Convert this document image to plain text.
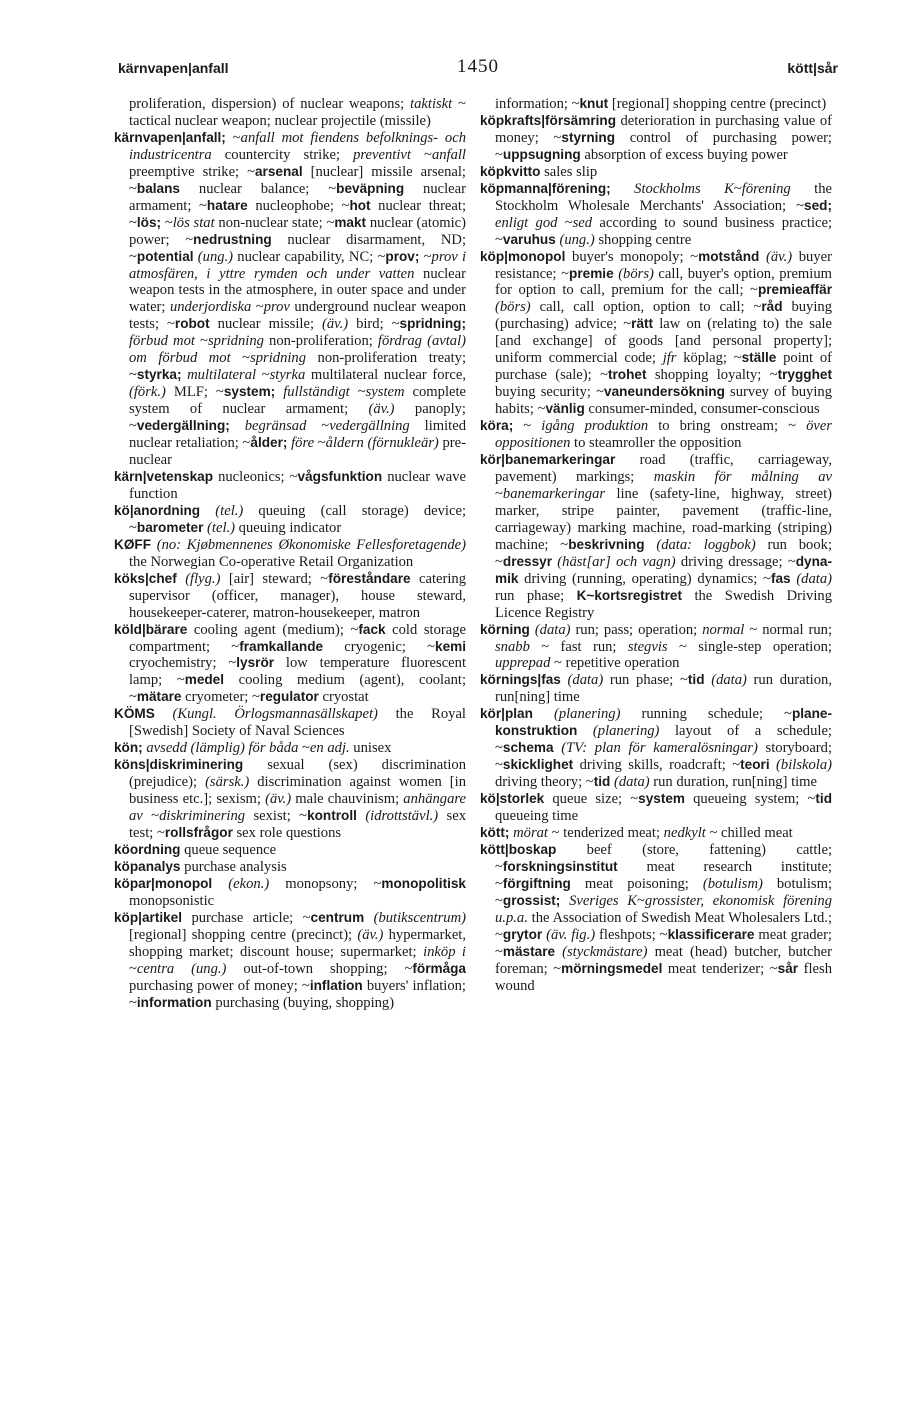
kärnvapen|anfall	1450	kött|sår

proliferation, dispersion) of nuclear weapons; taktiskt ~ tactical nuclear weapon; nuclear projectile (missile)

kärnvapen|anfall; ~anfall mot fiendens befolknings- och industricentra countercity strike; preventivt ~anfall preemptive strike; ~arsenal [nuclear] missile arsenal; ~balans nuclear balance; ~beväpning nuclear armament; ~hatare nucleophobe; ~hot nuclear threat; ~lös; ~lös stat non-nuclear state; ~makt nuclear (atomic) power; ~nedrustning nuclear disarmament, ND; ~potential (ung.) nuclear capability, NC; ~prov; ~prov i atmosfären, i yttre rymden och under vatten nuclear weapon tests in the atmosphere, in outer space and under water; underjordiska ~prov underground nuclear weapon tests; ~robot nuclear missile; (äv.) bird; ~spridning; förbud mot ~spridning non-proliferation; fördrag (avtal) om förbud mot ~spridning non-proliferation treaty; ~styrka; multilateral ~styrka multilateral nuclear force, (förk.) MLF; ~system; fullständigt ~system complete system of nuclear armament; (äv.) panoply; ~vedergällning; begränsad ~vedergällning limited nuclear retaliation; ~ålder; före ~åldern (förnukleär) prenuclear

kärn|vetenskap nucleonics; ~vågsfunktion nuclear wave function

kö|anordning (tel.) queuing (call storage) device; ~barometer (tel.) queuing indicator

KØFF (no: Kjøbmennenes Økonomiske Fellesforetagende) the Norwegian Co-operative Retail Organization

köks|chef (flyg.) [air] steward; ~föreståndare catering supervisor (officer, manager), house steward, housekeeper-caterer, matron-housekeeper, matron

köld|bärare cooling agent (medium); ~fack cold storage compartment; ~framkallande cryogenic; ~kemi cryochemistry; ~lysrör low temperature fluorescent lamp; ~medel cooling medium (agent), coolant; ~mätare cryometer; ~regulator cryostat

KÖMS (Kungl. Örlogsmannasällskapet) the Royal [Swedish] Society of Naval Sciences

kön; avsedd (lämplig) för båda ~en adj. unisex

köns|diskriminering sexual (sex) discrimination (prejudice); (särsk.) discrimination against women [in business etc.]; sexism; (äv.) male chauvinism; anhängare av ~diskriminering sexist; ~kontroll (idrottstävl.) sex test; ~rollsfrågor sex role questions

köordning queue sequence

köpanalys purchase analysis

köpar|monopol (ekon.) monopsony; ~monopolitisk monopsonistic

köp|artikel purchase article; ~centrum (butikscentrum) [regional] shopping centre (precinct); (äv.) hypermarket, shopping market; discount house; supermarket; inköp i ~centra (ung.) out-of-town shopping; ~förmåga purchasing power of money; ~inflation buyers' inflation; ~information purchasing (buying, shopping)

information; ~knut [regional] shopping centre (precinct)

köpkrafts|försämring deterioration in purchasing value of money; ~styrning control of purchasing power; ~uppsugning absorption of excess buying power

köpkvitto sales slip

köpmanna|förening; Stockholms K~förening the Stockholm Wholesale Merchants' Association; ~sed; enligt god ~sed according to sound business practice; ~varuhus (ung.) shopping centre

köp|monopol buyer's monopoly; ~motstånd (äv.) buyer resistance; ~premie (börs) call, buyer's option, premium for option to call, premium for the call; ~premieaffär (börs) call, call option, option to call; ~råd buying (purchasing) advice; ~rätt law on (relating to) the sale [and exchange] of goods [and personal property]; uniform commercial code; jfr köplag; ~ställe point of purchase (sale); ~trohet shopping loyalty; ~trygghet buying security; ~vaneundersökning survey of buying habits; ~vänlig consumer-minded, consumer-conscious

köra; ~ igång produktion to bring onstream; ~ över oppositionen to steamroller the opposition

kör|banemarkeringar road (traffic, carriageway, pavement) markings; maskin för målning av ~banemarkeringar line (safety-line, highway, street) marker, stripe painter, pavement (traffic-line, carriageway) marking machine, road-marking (striping) machine; ~beskrivning (data: loggbok) run book; ~dressyr (häst[ar] och vagn) driving dressage; ~dynamik driving (running, operating) dynamics; ~fas (data) run phase; K~kortsregistret the Swedish Driving Licence Registry

körning (data) run; pass; operation; normal ~ normal run; snabb ~ fast run; stegvis ~ single-step operation; upprepad ~ repetitive operation

körnings|fas (data) run phase; ~tid (data) run duration, run[ning] time

kör|plan (planering) running schedule; ~planekonstruktion (planering) layout of a schedule; ~schema (TV: plan för kameralösningar) storyboard; ~skicklighet driving skills, roadcraft; ~teori (bilskola) driving theory; ~tid (data) run duration, run[ning] time

kö|storlek queue size; ~system queueing system; ~tid queueing time

kött; mörat ~ tenderized meat; nedkylt ~ chilled meat

kött|boskap beef (store, fattening) cattle; ~forskningsinstitut meat research institute; ~förgiftning meat poisoning; (botulism) botulism; ~grossist; Sveriges K~grossister, ekonomisk förening u.p.a. the Association of Swedish Meat Wholesalers Ltd.; ~grytor (äv. fig.) fleshpots; ~klassificerare meat grader; ~mästare (styckmästare) meat (head) butcher, butcher foreman; ~mörningsmedel meat tenderizer; ~sår flesh wound
